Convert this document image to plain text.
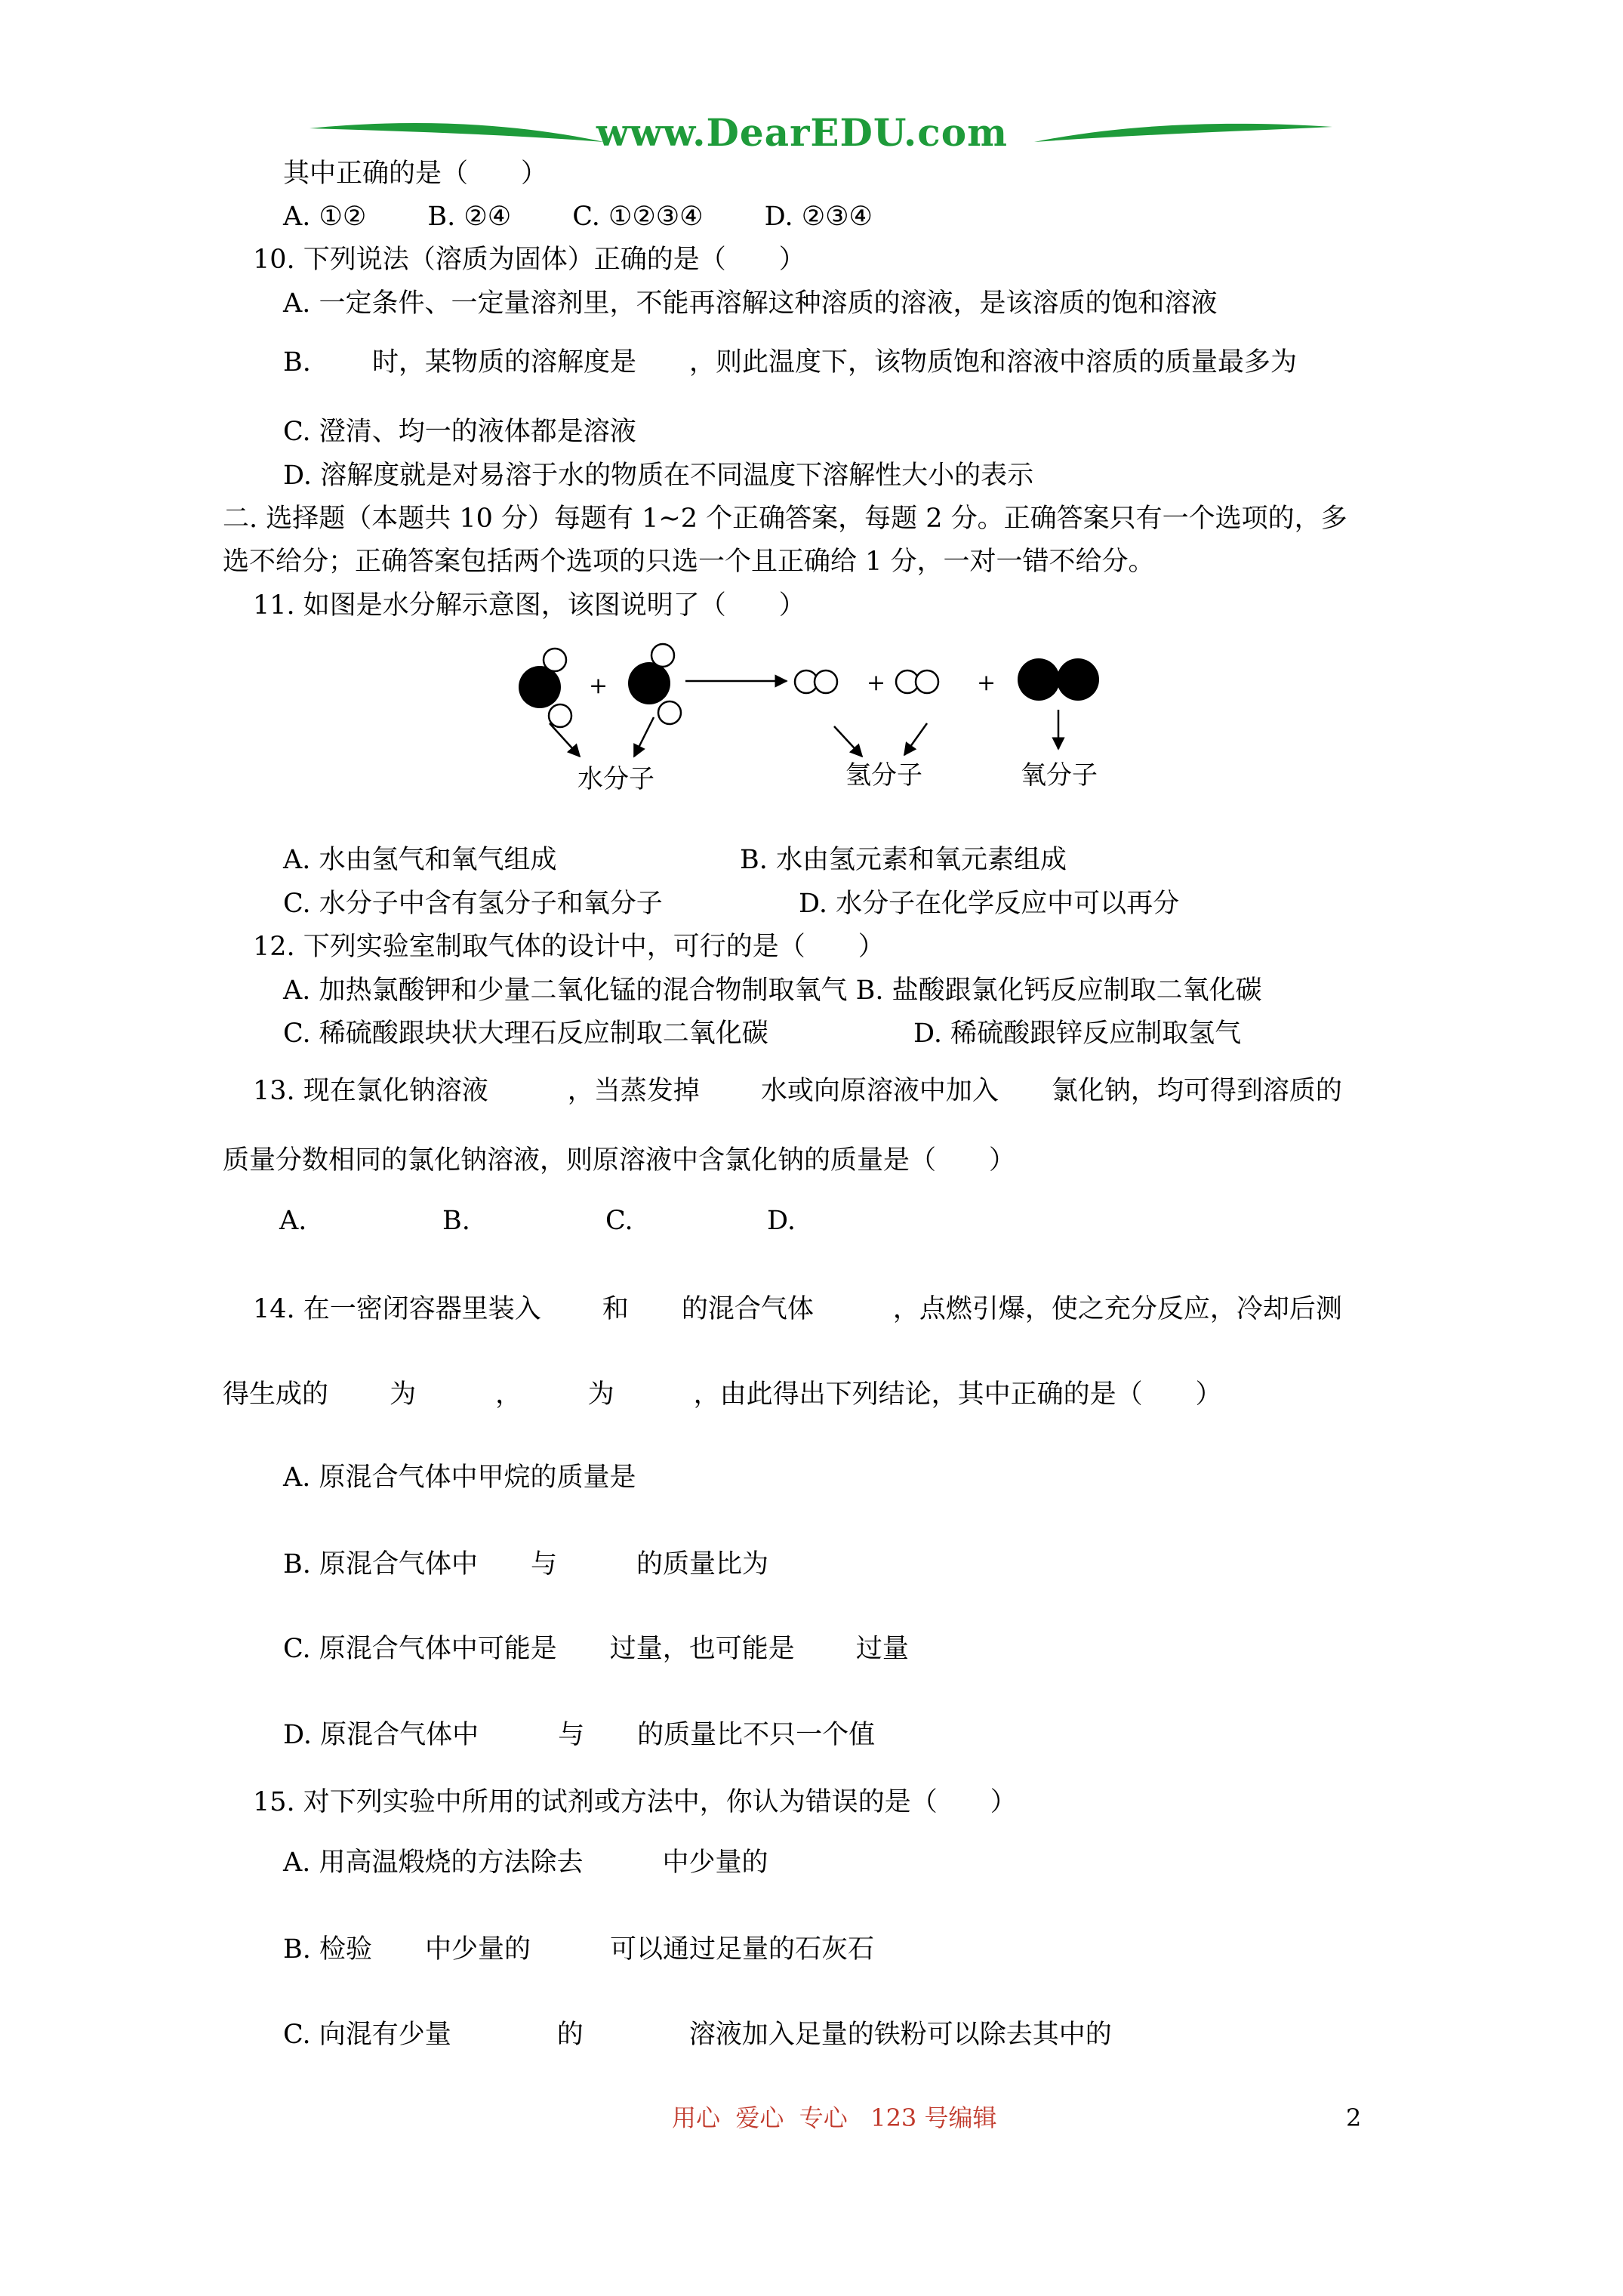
www.DearEDU.com
其中正确的是（　　）
A. ①②　　 B. ②④　　 C. ①②③④　　 D. ②③④
10. 下列说法（溶质为固体）正确的是（　　）
A. 一定条件、一定量溶剂里，不能再溶解这种溶质的溶液，是该溶质的饱和溶液
B.　　 时，某物质的溶解度是　　，则此温度下，该物质饱和溶液中溶质的质量最多为
C. 澄清、均一的液体都是溶液
D. 溶解度就是对易溶于水的物质在不同温度下溶解性大小的表示
二. 选择题（本题共 10 分）每题有 1~2 个正确答案，每题 2 分。正确答案只有一个选项的，多
选不给分；正确答案包括两个选项的只选一个且正确给 1 分，一对一错不给分。
11. 如图是水分解示意图，该图说明了（　　）
+	+	+
水分子	氢分子	氧分子
A. 水由氢气和氧气组成	B. 水由氢元素和氧元素组成
C. 水分子中含有氢分子和氧分子	D. 水分子在化学反应中可以再分
12. 下列实验室制取气体的设计中，可行的是（　　）
A. 加热氯酸钾和少量二氧化锰的混合物制取氧气 B. 盐酸跟氯化钙反应制取二氧化碳
C. 稀硫酸跟块状大理石反应制取二氧化碳	D. 稀硫酸跟锌反应制取氢气
13. 现在氯化钠溶液　　　，当蒸发掉　　 水或向原溶液中加入　　氯化钠，均可得到溶质的
质量分数相同的氯化钠溶液，则原溶液中含氯化钠的质量是（　　）
A.	B.	C.	D.
14. 在一密闭容器里装入　　 和　　的混合气体　　　，点燃引爆，使之充分反应，冷却后测
得生成的　　 为　　　，　　　为　　　，由此得出下列结论，其中正确的是（　　）
A. 原混合气体中甲烷的质量是
B. 原混合气体中　　与　　　的质量比为
C. 原混合气体中可能是　　过量，也可能是　　 过量
D. 原混合气体中　　　与　　的质量比不只一个值
15. 对下列实验中所用的试剂或方法中，你认为错误的是（　　）
A. 用高温煅烧的方法除去　　　中少量的
B. 检验　　中少量的　　　可以通过足量的石灰石
C. 向混有少量　　　　的　　　　溶液加入足量的铁粉可以除去其中的
用心  爱心  专心   123 号编辑	2
